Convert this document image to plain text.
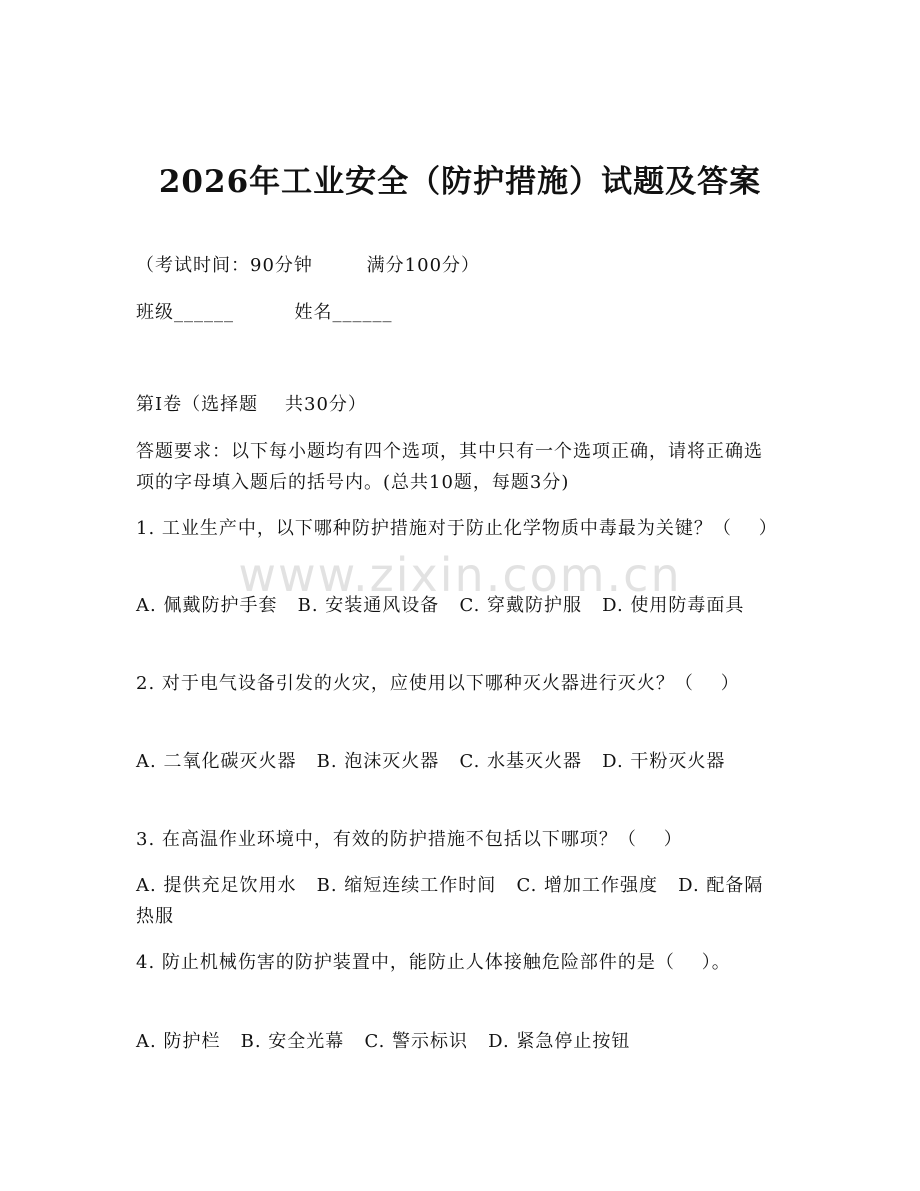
2026年工业安全（防护措施）试题及答案
（考试时间：90分钟        满分100分）
班级______         姓名______
第I卷（选择题    共30分）
答题要求：以下每小题均有四个选项，其中只有一个选项正确，请将正确选项的字母填入题后的括号内。(总共10题，每题3分)
1. 工业生产中，以下哪种防护措施对于防止化学物质中毒最为关键？（    ）
A. 佩戴防护手套   B. 安装通风设备   C. 穿戴防护服   D. 使用防毒面具
2. 对于电气设备引发的火灾，应使用以下哪种灭火器进行灭火？（    ）
A. 二氧化碳灭火器   B. 泡沫灭火器   C. 水基灭火器   D. 干粉灭火器
3. 在高温作业环境中，有效的防护措施不包括以下哪项？（    ）
A. 提供充足饮用水   B. 缩短连续工作时间   C. 增加工作强度   D. 配备隔热服
4. 防止机械伤害的防护装置中，能防止人体接触危险部件的是（    ）。
A. 防护栏   B. 安全光幕   C. 警示标识   D. 紧急停止按钮
www.zixin.com.cn
